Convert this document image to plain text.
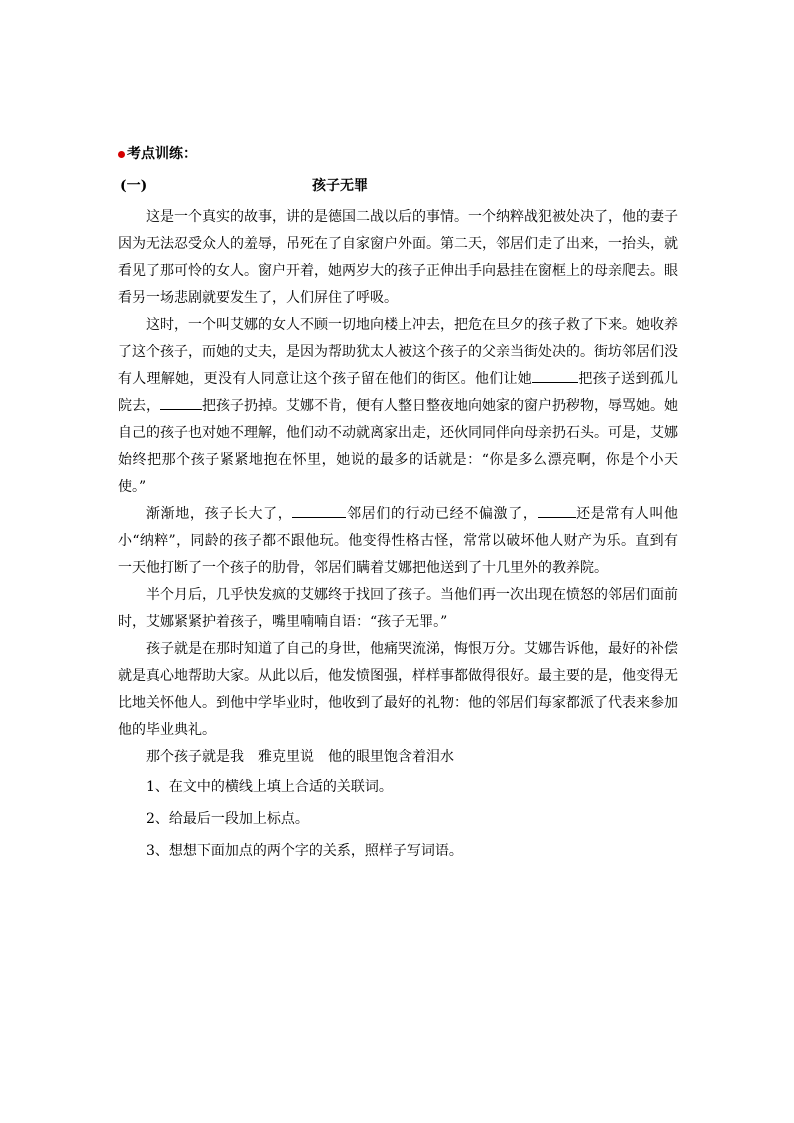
考点训练：
(一)	孩子无罪

这是一个真实的故事，讲的是德国二战以后的事情。一个纳粹战犯被处决了，他的妻子因为无法忍受众人的羞辱，吊死在了自家窗户外面。第二天，邻居们走了出来，一抬头，就看见了那可怜的女人。窗户开着，她两岁大的孩子正伸出手向悬挂在窗框上的母亲爬去。眼看另一场悲剧就要发生了，人们屏住了呼吸。

这时，一个叫艾娜的女人不顾一切地向楼上冲去，把危在旦夕的孩子救了下来。她收养了这个孩子，而她的丈夫，是因为帮助犹太人被这个孩子的父亲当街处决的。街坊邻居们没有人理解她，更没有人同意让这个孩子留在他们的街区。他们让她	把孩子送到孤儿院去，	把孩子扔掉。艾娜不肯，便有人整日整夜地向她家的窗户扔秽物，辱骂她。她自己的孩子也对她不理解，他们动不动就离家出走，还伙同同伴向母亲扔石头。可是，艾娜始终把那个孩子紧紧地抱在怀里，她说的最多的话就是：“你是多么漂亮啊，你是个小天使。”

渐渐地，孩子长大了，	邻居们的行动已经不偏激了，	还是常有人叫他小“纳粹”，同龄的孩子都不跟他玩。他变得性格古怪，常常以破坏他人财产为乐。直到有一天他打断了一个孩子的肋骨，邻居们瞒着艾娜把他送到了十几里外的教养院。

半个月后，几乎快发疯的艾娜终于找回了孩子。当他们再一次出现在愤怒的邻居们面前时，艾娜紧紧护着孩子，嘴里喃喃自语：“孩子无罪。”

孩子就是在那时知道了自己的身世，他痛哭流涕，悔恨万分。艾娜告诉他，最好的补偿就是真心地帮助大家。从此以后，他发愤图强，样样事都做得很好。最主要的是，他变得无比地关怀他人。到他中学毕业时，他收到了最好的礼物：他的邻居们每家都派了代表来参加他的毕业典礼。

那个孩子就是我　雅克里说　他的眼里饱含着泪水

1、在文中的横线上填上合适的关联词。

2、给最后一段加上标点。

3、想想下面加点的两个字的关系，照样子写词语。
